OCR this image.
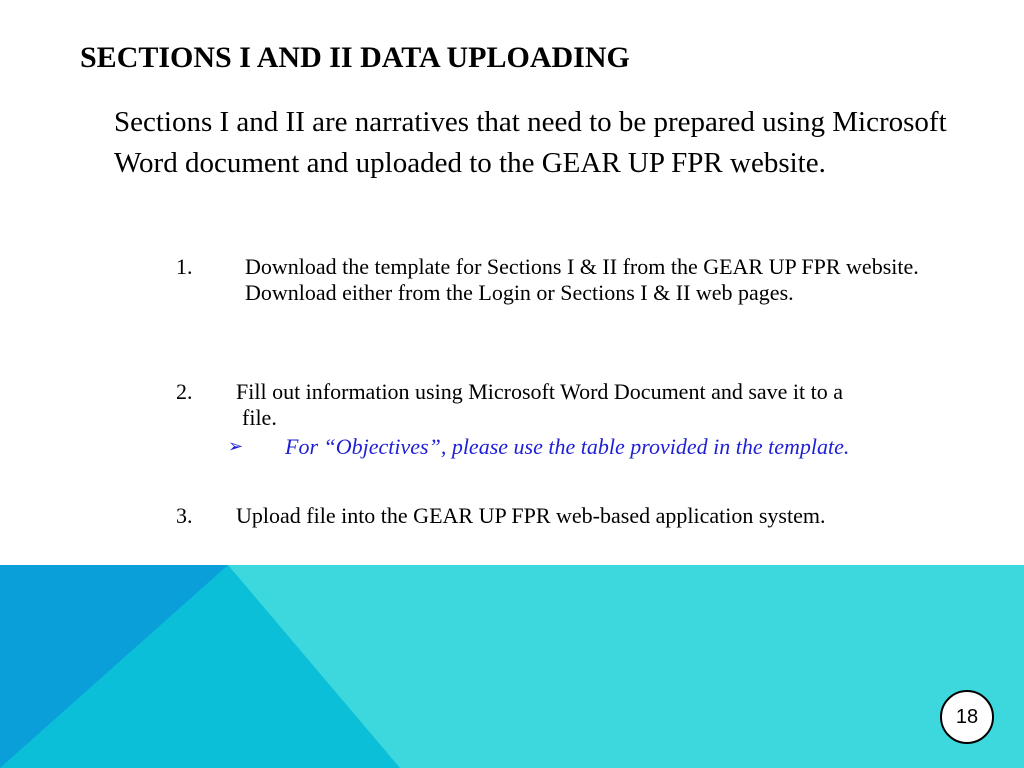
SECTIONS I AND II DATA UPLOADING

Sections I and II are narratives that need to be prepared using Microsoft Word document and uploaded to the GEAR UP FPR website.

1. Download the template for Sections I & II from the GEAR UP FPR website. Download either from the Login or Sections I & II web pages.
2. Fill out information using Microsoft Word Document and save it to a
file.
➢ For “Objectives”, please use the table provided in the template.
3. Upload file into the GEAR UP FPR web-based application system.
18
